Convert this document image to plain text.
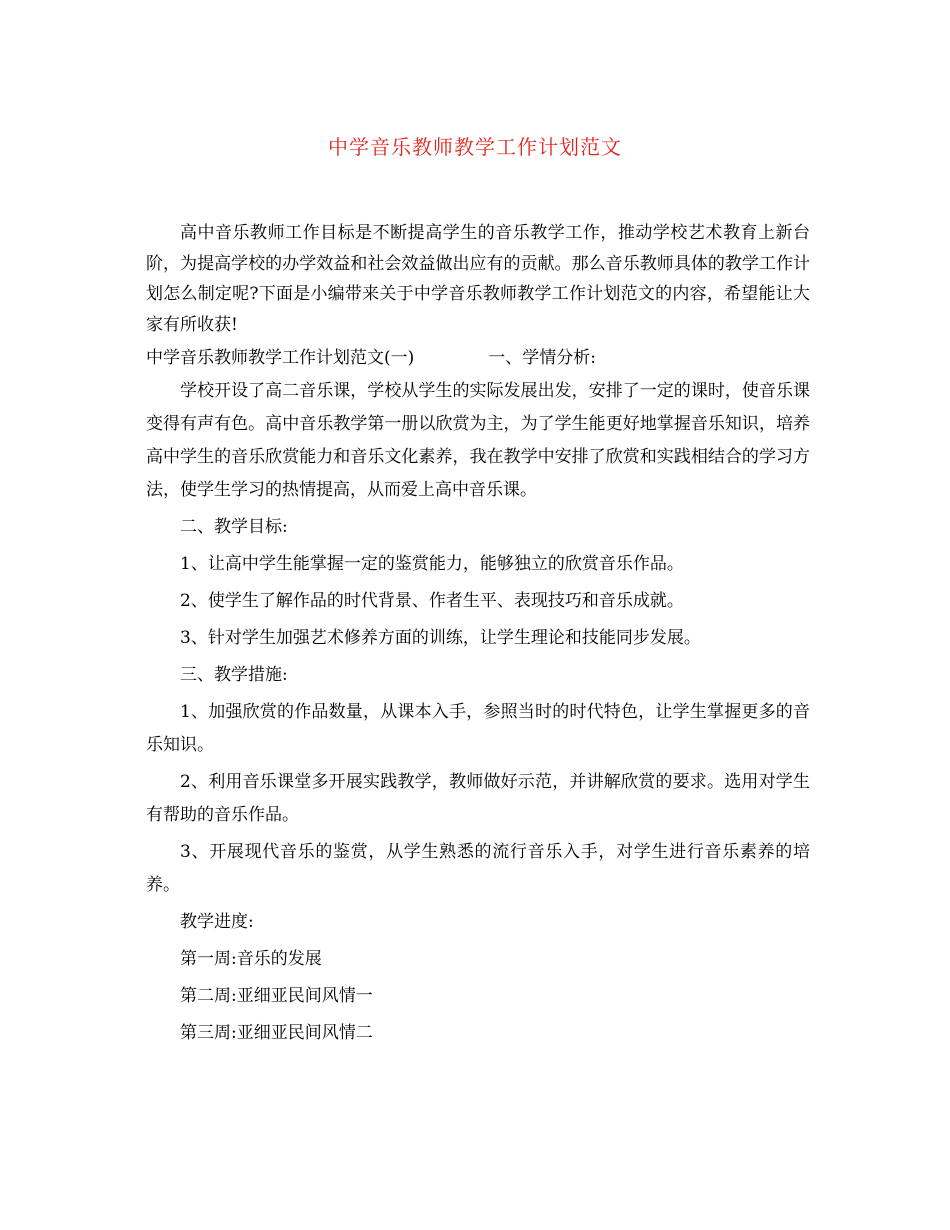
中学音乐教师教学工作计划范文

高中音乐教师工作目标是不断提高学生的音乐教学工作，推动学校艺术教育上新台阶，为提高学校的办学效益和社会效益做出应有的贡献。那么音乐教师具体的教学工作计划怎么制定呢?下面是小编带来关于中学音乐教师教学工作计划范文的内容，希望能让大家有所收获!

中学音乐教师教学工作计划范文(一)	一、学情分析:

学校开设了高二音乐课，学校从学生的实际发展出发，安排了一定的课时，使音乐课变得有声有色。高中音乐教学第一册以欣赏为主，为了学生能更好地掌握音乐知识，培养高中学生的音乐欣赏能力和音乐文化素养，我在教学中安排了欣赏和实践相结合的学习方法，使学生学习的热情提高，从而爱上高中音乐课。

二、教学目标:

1、让高中学生能掌握一定的鉴赏能力，能够独立的欣赏音乐作品。

2、使学生了解作品的时代背景、作者生平、表现技巧和音乐成就。

3、针对学生加强艺术修养方面的训练，让学生理论和技能同步发展。

三、教学措施:

1、加强欣赏的作品数量，从课本入手，参照当时的时代特色，让学生掌握更多的音乐知识。

2、利用音乐课堂多开展实践教学，教师做好示范，并讲解欣赏的要求。选用对学生有帮助的音乐作品。

3、开展现代音乐的鉴赏，从学生熟悉的流行音乐入手，对学生进行音乐素养的培养。

教学进度:

第一周:音乐的发展

第二周:亚细亚民间风情一

第三周:亚细亚民间风情二
